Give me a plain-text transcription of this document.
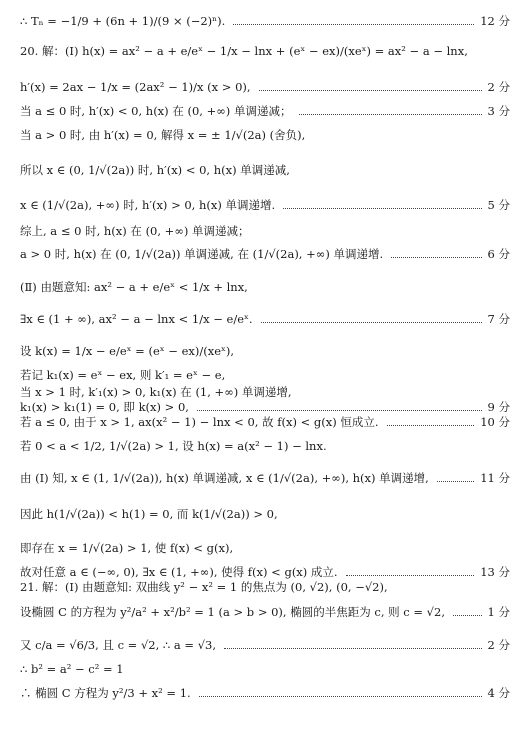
∴ Tₙ = −1/9 + (6n + 1)/(9 × (−2)ⁿ).	12 分
20. 解：(Ⅰ) h(x) = ax² − a + e/eˣ − 1/x − lnx + (eˣ − ex)/(xeˣ) = ax² − a − lnx,
h′(x) = 2ax − 1/x = (2ax² − 1)/x (x > 0),	2 分
当 a ≤ 0 时, h′(x) < 0, h(x) 在 (0, +∞) 单调递减；	3 分
当 a > 0 时, 由 h′(x) = 0, 解得 x = ± 1/√(2a) (舍负),
所以 x ∈ (0, 1/√(2a)) 时, h′(x) < 0, h(x) 单调递减,
x ∈ (1/√(2a), +∞) 时, h′(x) > 0, h(x) 单调递增.	5 分
综上, a ≤ 0 时, h(x) 在 (0, +∞) 单调递减；
a > 0 时, h(x) 在 (0, 1/√(2a)) 单调递减, 在 (1/√(2a), +∞) 单调递增.	6 分
(Ⅱ) 由题意知: ax² − a + e/eˣ < 1/x + lnx,
∃x ∈ (1 + ∞), ax² − a − lnx < 1/x − e/eˣ.	7 分
设 k(x) = 1/x − e/eˣ = (eˣ − ex)/(xeˣ),
若记 k₁(x) = eˣ − ex, 则 k′₁ = eˣ − e,
当 x > 1 时, k′₁(x) > 0, k₁(x) 在 (1, +∞) 单调递增,
k₁(x) > k₁(1) = 0, 即 k(x) > 0,	9 分
若 a ≤ 0, 由于 x > 1, ax(x² − 1) − lnx < 0, 故 f(x) < g(x) 恒成立.	10 分
若 0 < a < 1/2, 1/√(2a) > 1, 设 h(x) = a(x² − 1) − lnx.
由 (Ⅰ) 知, x ∈ (1, 1/√(2a)), h(x) 单调递减, x ∈ (1/√(2a), +∞), h(x) 单调递增,	11 分
因此 h(1/√(2a)) < h(1) = 0, 而 k(1/√(2a)) > 0,
即存在 x = 1/√(2a) > 1, 使 f(x) < g(x),
故对任意 a ∈ (−∞, 0), ∃x ∈ (1, +∞), 使得 f(x) < g(x) 成立.	13 分
21. 解：(Ⅰ) 由题意知: 双曲线 y² − x² = 1 的焦点为 (0, √2), (0, −√2),
设椭圆 C 的方程为 y²/a² + x²/b² = 1 (a > b > 0), 椭圆的半焦距为 c, 则 c = √2,	1 分
又 c/a = √6/3, 且 c = √2, ∴ a = √3,	2 分
∴ b² = a² − c² = 1
∴ 椭圆 C 方程为 y²/3 + x² = 1.	4 分
